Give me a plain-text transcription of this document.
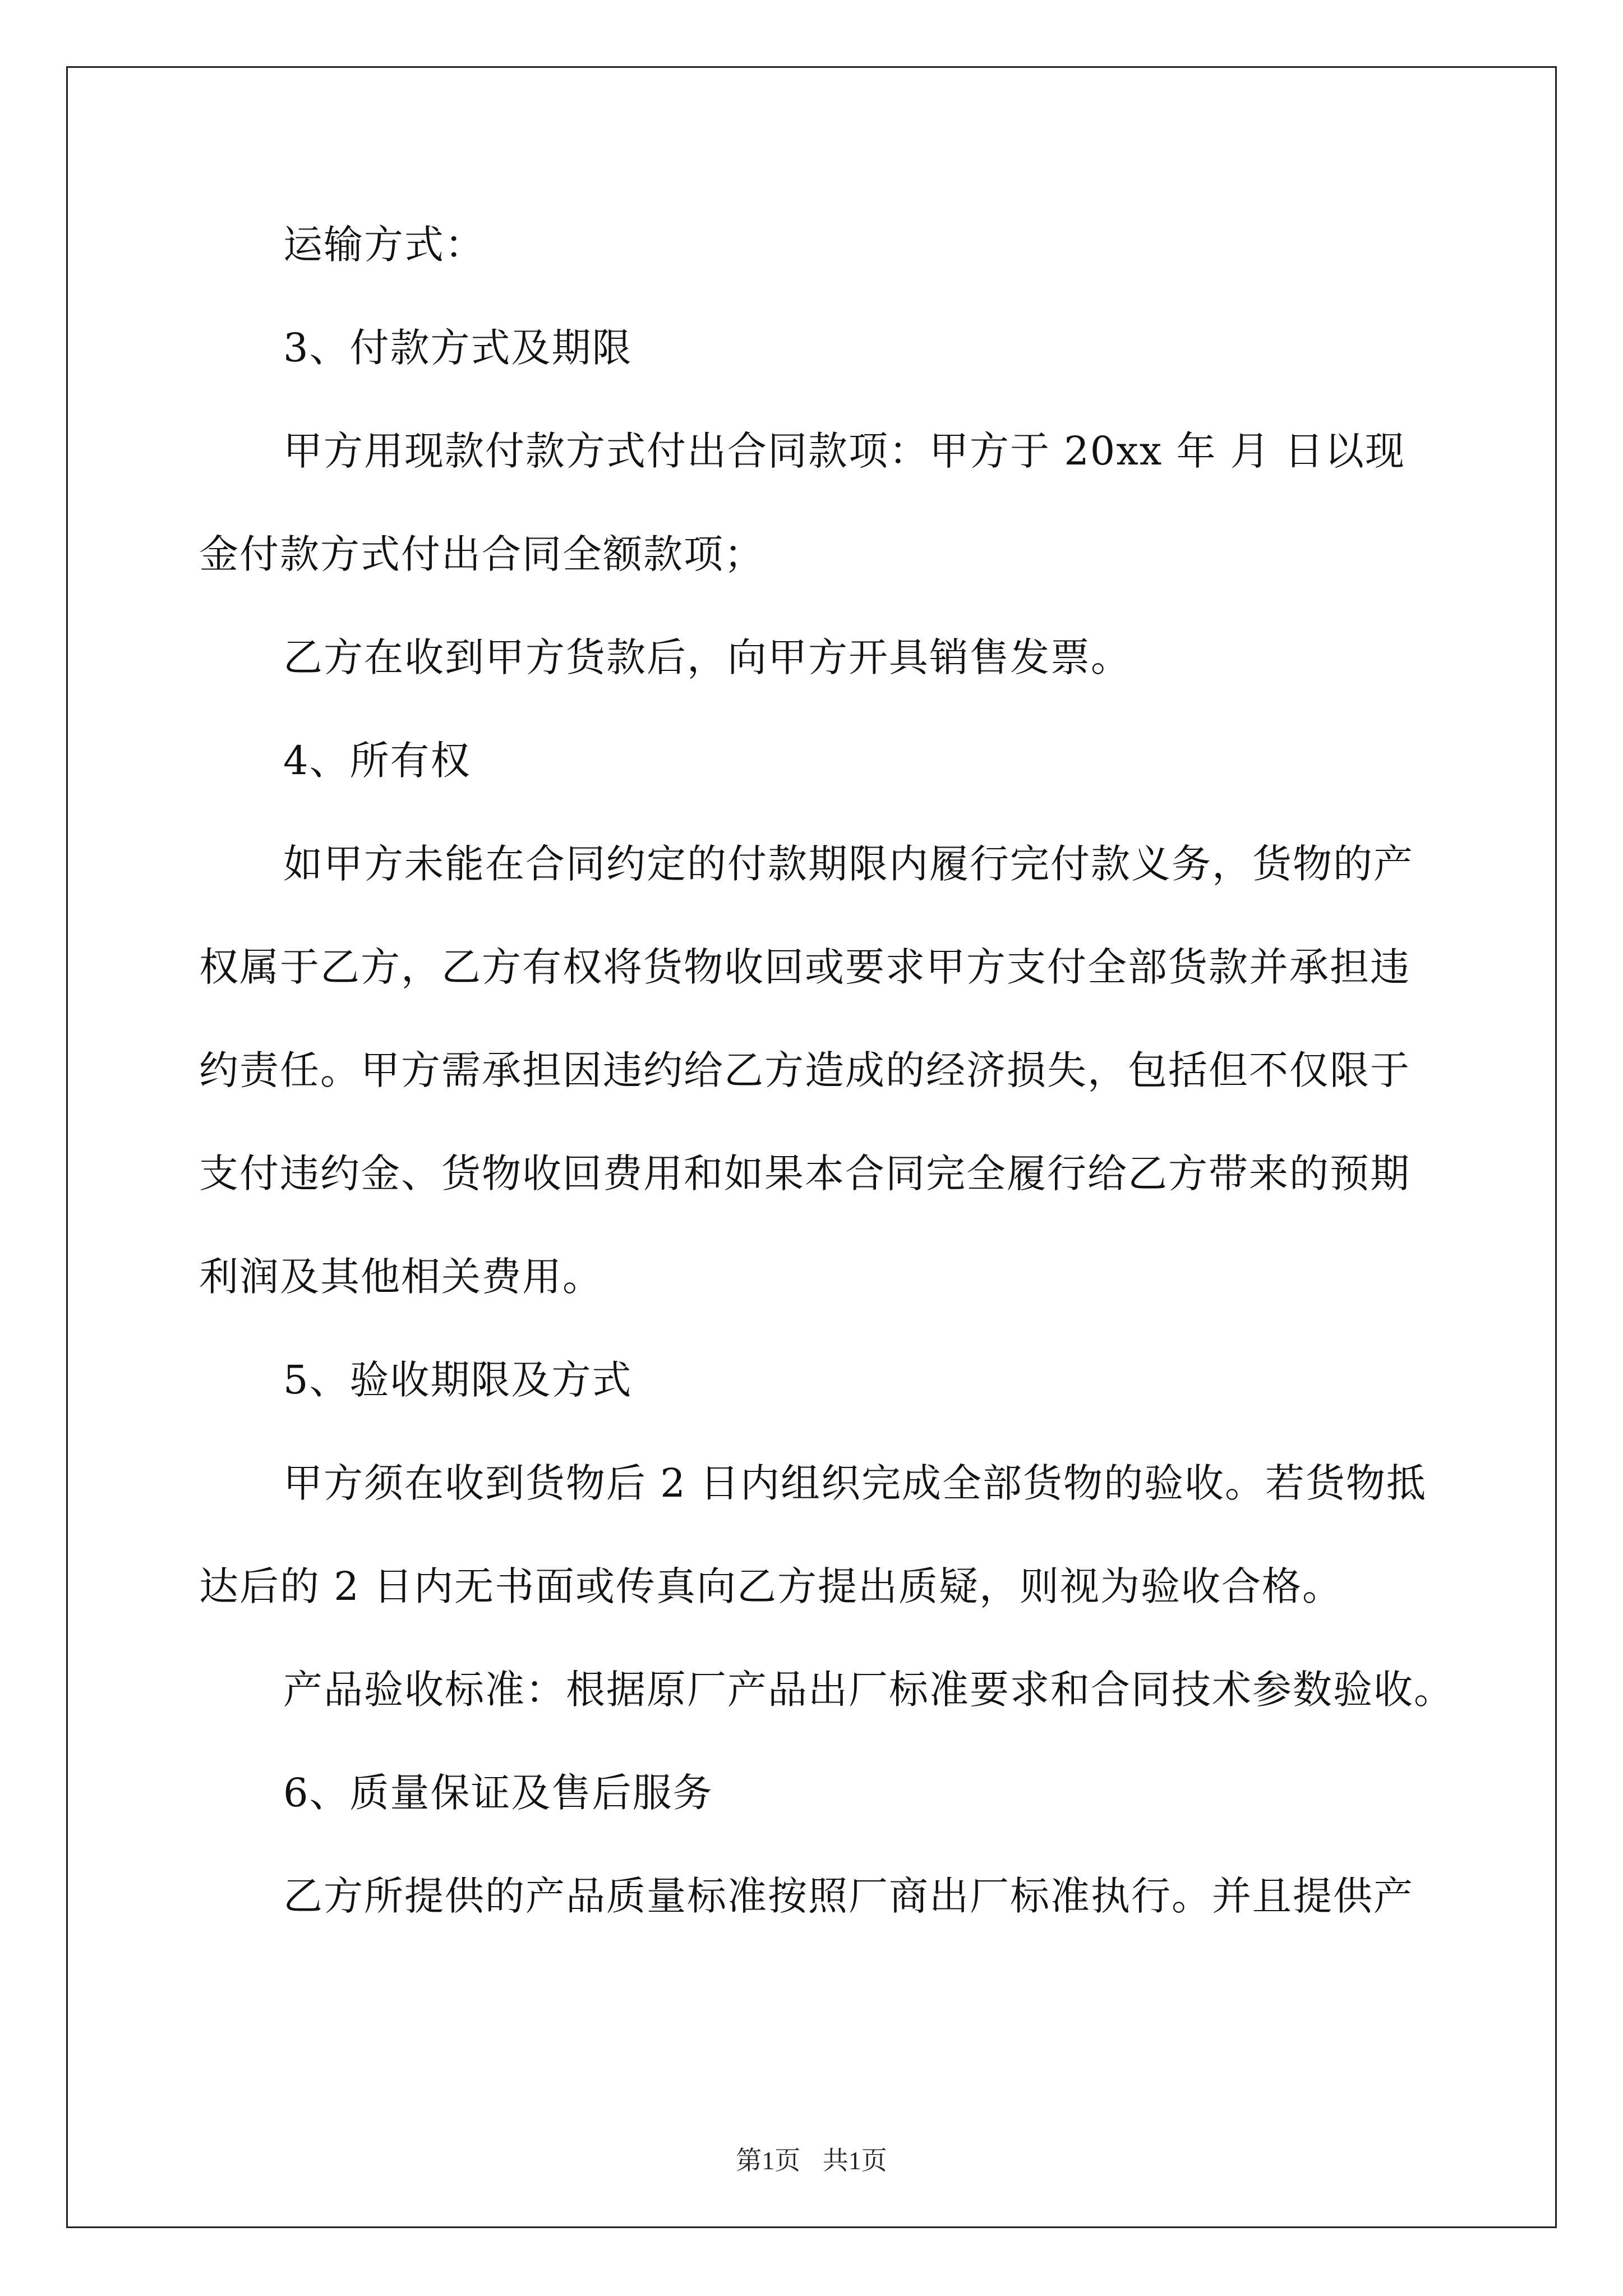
运输方式：

3、付款方式及期限

甲方用现款付款方式付出合同款项：甲方于 20xx 年 月 日以现

金付款方式付出合同全额款项；

乙方在收到甲方货款后，向甲方开具销售发票。

4、所有权

如甲方未能在合同约定的付款期限内履行完付款义务，货物的产

权属于乙方，乙方有权将货物收回或要求甲方支付全部货款并承担违

约责任。甲方需承担因违约给乙方造成的经济损失，包括但不仅限于

支付违约金、货物收回费用和如果本合同完全履行给乙方带来的预期

利润及其他相关费用。

5、验收期限及方式

甲方须在收到货物后 2 日内组织完成全部货物的验收。若货物抵

达后的 2 日内无书面或传真向乙方提出质疑，则视为验收合格。

产品验收标准：根据原厂产品出厂标准要求和合同技术参数验收。

6、质量保证及售后服务

乙方所提供的产品质量标准按照厂商出厂标准执行。并且提供产

第1页 共1页
